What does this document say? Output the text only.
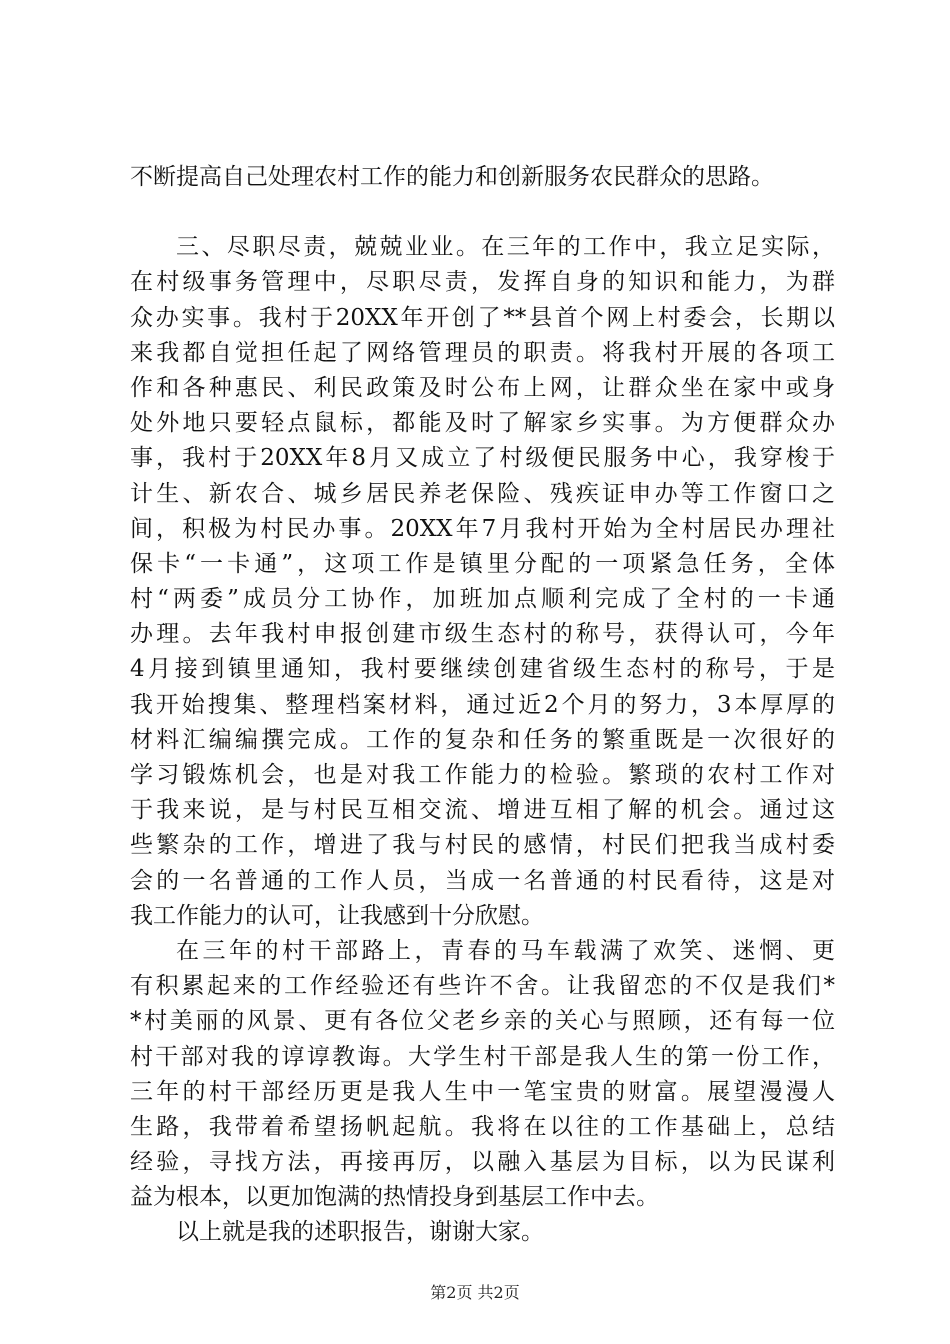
不断提高自己处理农村工作的能力和创新服务农民群众的思路。
三、尽职尽责，兢兢业业。在三年的工作中，我立足实际，
在村级事务管理中，尽职尽责，发挥自身的知识和能力，为群
众办实事。我村于20XX年开创了**县首个网上村委会，长期以
来我都自觉担任起了网络管理员的职责。将我村开展的各项工
作和各种惠民、利民政策及时公布上网，让群众坐在家中或身
处外地只要轻点鼠标，都能及时了解家乡实事。为方便群众办
事，我村于20XX年8月又成立了村级便民服务中心，我穿梭于
计生、新农合、城乡居民养老保险、残疾证申办等工作窗口之
间，积极为村民办事。20XX年7月我村开始为全村居民办理社
保卡“一卡通”，这项工作是镇里分配的一项紧急任务，全体
村“两委”成员分工协作，加班加点顺利完成了全村的一卡通
办理。去年我村申报创建市级生态村的称号，获得认可，今年
4月接到镇里通知，我村要继续创建省级生态村的称号，于是
我开始搜集、整理档案材料，通过近2个月的努力，3本厚厚的
材料汇编编撰完成。工作的复杂和任务的繁重既是一次很好的
学习锻炼机会，也是对我工作能力的检验。繁琐的农村工作对
于我来说，是与村民互相交流、增进互相了解的机会。通过这
些繁杂的工作，增进了我与村民的感情，村民们把我当成村委
会的一名普通的工作人员，当成一名普通的村民看待，这是对
我工作能力的认可，让我感到十分欣慰。
在三年的村干部路上，青春的马车载满了欢笑、迷惘、更
有积累起来的工作经验还有些许不舍。让我留恋的不仅是我们*
*村美丽的风景、更有各位父老乡亲的关心与照顾，还有每一位
村干部对我的谆谆教诲。大学生村干部是我人生的第一份工作，
三年的村干部经历更是我人生中一笔宝贵的财富。展望漫漫人
生路，我带着希望扬帆起航。我将在以往的工作基础上，总结
经验，寻找方法，再接再厉，以融入基层为目标，以为民谋利
益为根本，以更加饱满的热情投身到基层工作中去。
以上就是我的述职报告，谢谢大家。
第2页 共2页
